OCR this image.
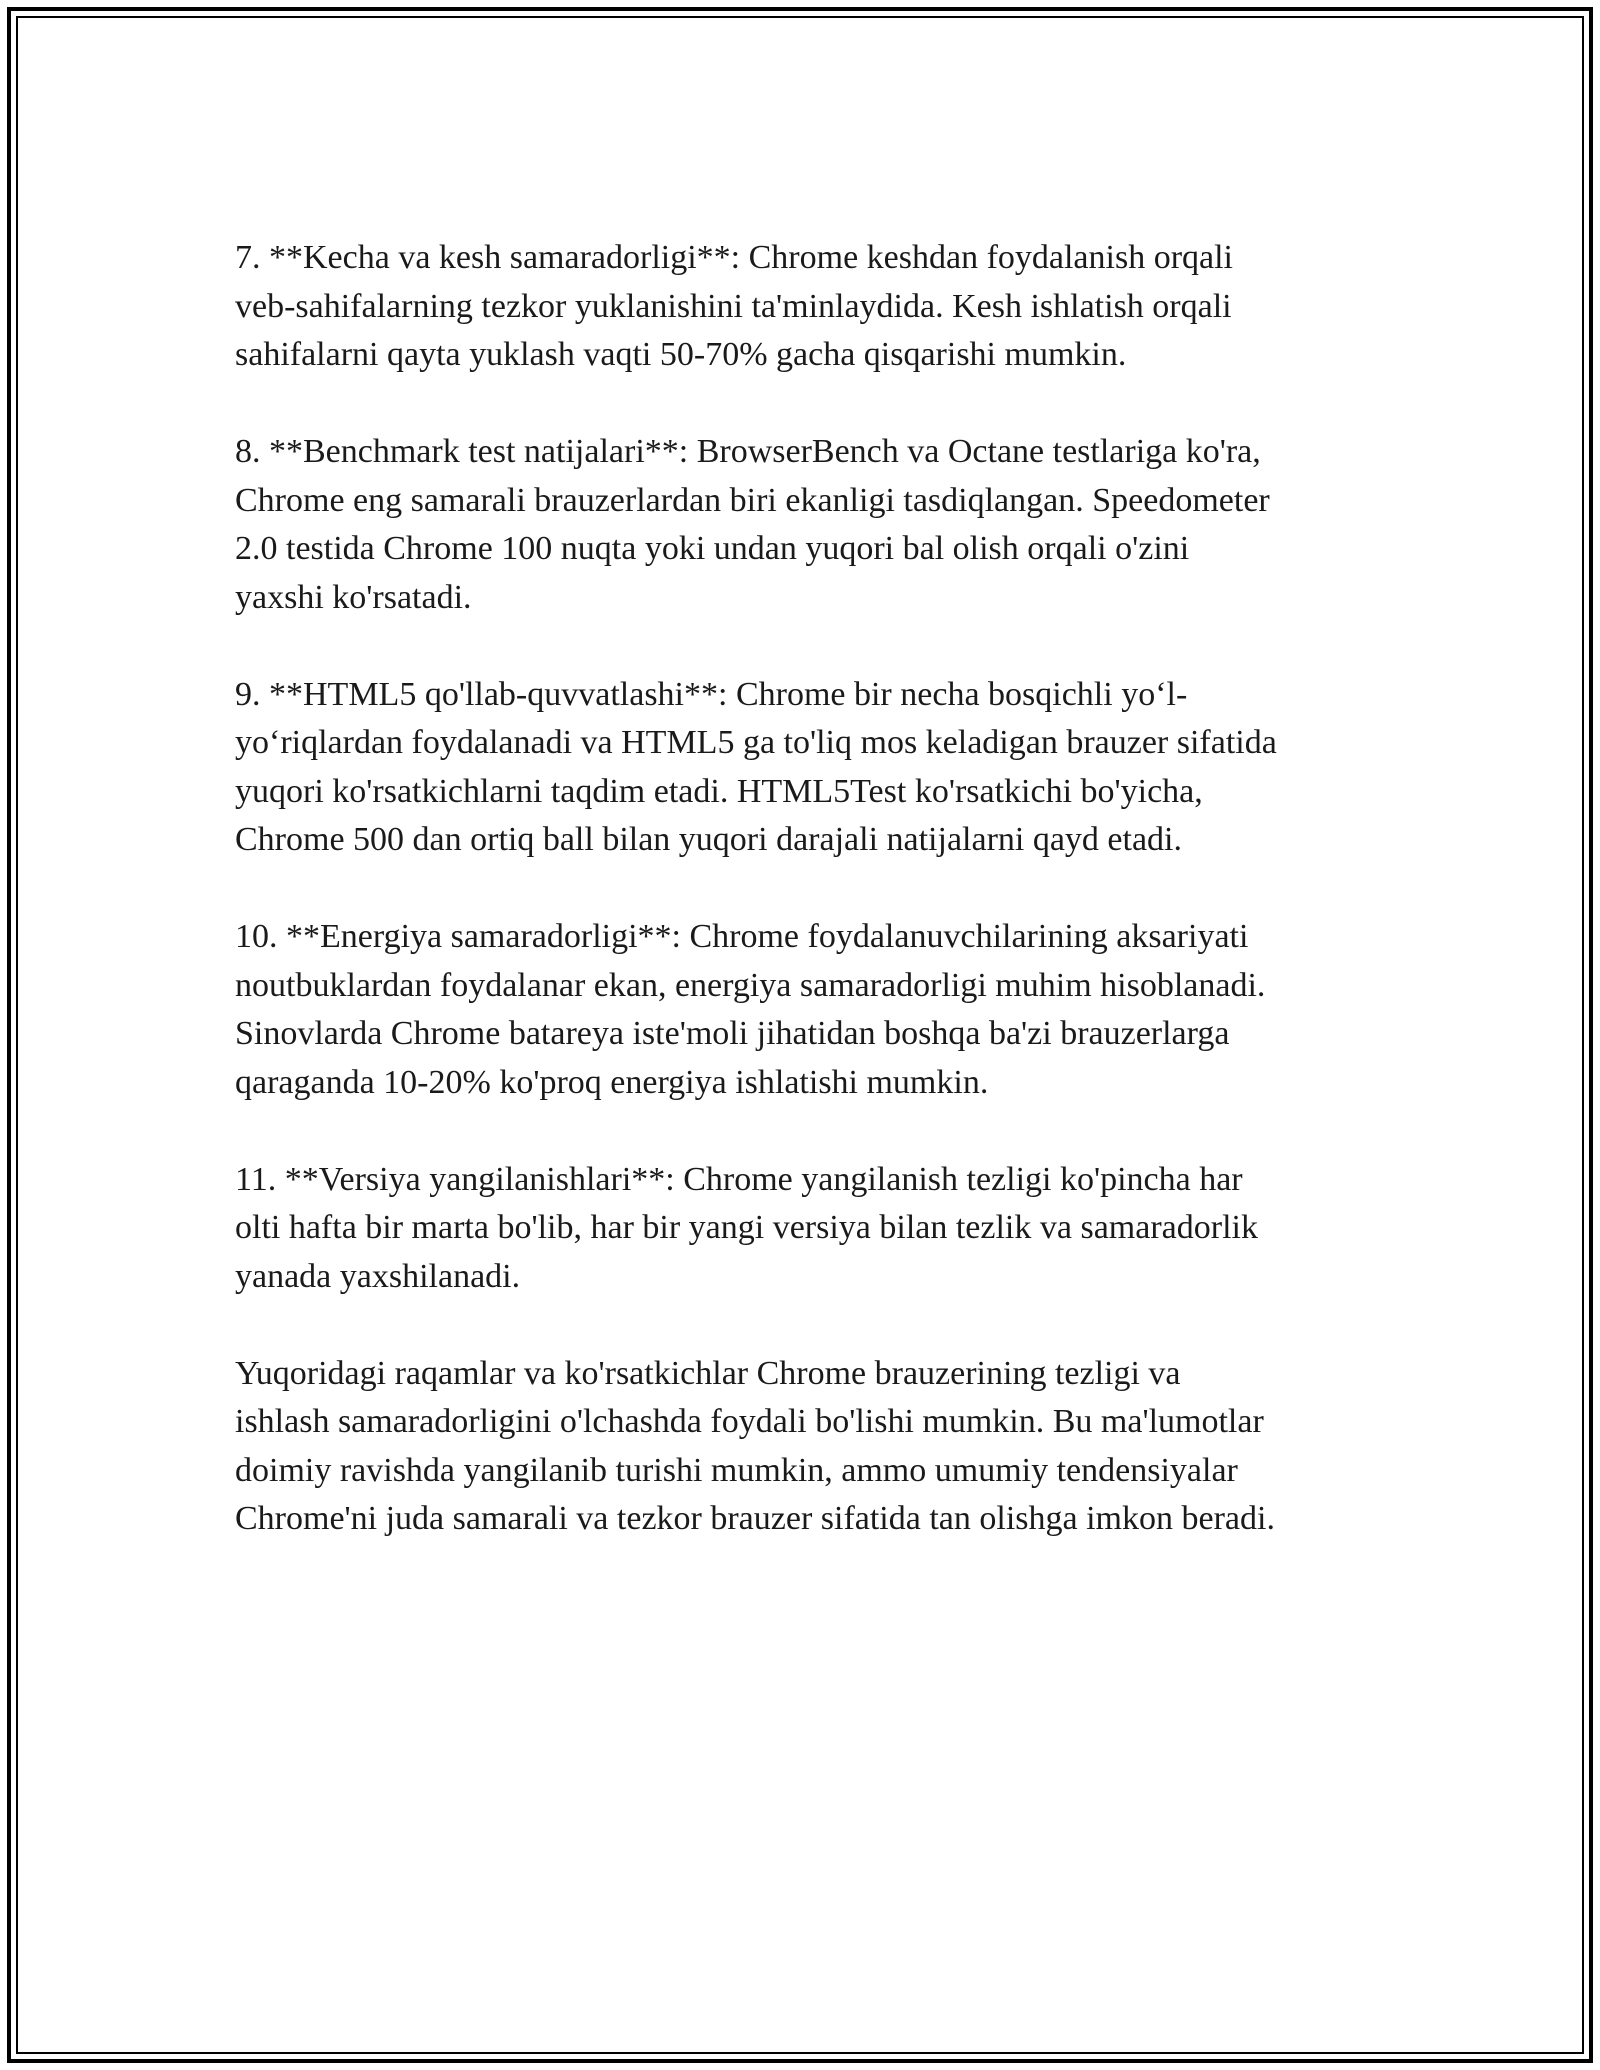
7. **Kecha va kesh samaradorligi**: Chrome keshdan foydalanish orqali
veb-sahifalarning tezkor yuklanishini ta'minlaydida. Kesh ishlatish orqali
sahifalarni qayta yuklash vaqti 50-70% gacha qisqarishi mumkin.

8. **Benchmark test natijalari**: BrowserBench va Octane testlariga ko'ra,
Chrome eng samarali brauzerlardan biri ekanligi tasdiqlangan. Speedometer
2.0 testida Chrome 100 nuqta yoki undan yuqori bal olish orqali o'zini
yaxshi ko'rsatadi.

9. **HTML5 qo'llab-quvvatlashi**: Chrome bir necha bosqichli yo‘l-
yo‘riqlardan foydalanadi va HTML5 ga to'liq mos keladigan brauzer sifatida
yuqori ko'rsatkichlarni taqdim etadi. HTML5Test ko'rsatkichi bo'yicha,
Chrome 500 dan ortiq ball bilan yuqori darajali natijalarni qayd etadi.

10. **Energiya samaradorligi**: Chrome foydalanuvchilarining aksariyati
noutbuklardan foydalanar ekan, energiya samaradorligi muhim hisoblanadi.
Sinovlarda Chrome batareya iste'moli jihatidan boshqa ba'zi brauzerlarga
qaraganda 10-20% ko'proq energiya ishlatishi mumkin.

11. **Versiya yangilanishlari**: Chrome yangilanish tezligi ko'pincha har
olti hafta bir marta bo'lib, har bir yangi versiya bilan tezlik va samaradorlik
yanada yaxshilanadi.

Yuqoridagi raqamlar va ko'rsatkichlar Chrome brauzerining tezligi va
ishlash samaradorligini o'lchashda foydali bo'lishi mumkin. Bu ma'lumotlar
doimiy ravishda yangilanib turishi mumkin, ammo umumiy tendensiyalar
Chrome'ni juda samarali va tezkor brauzer sifatida tan olishga imkon beradi.
